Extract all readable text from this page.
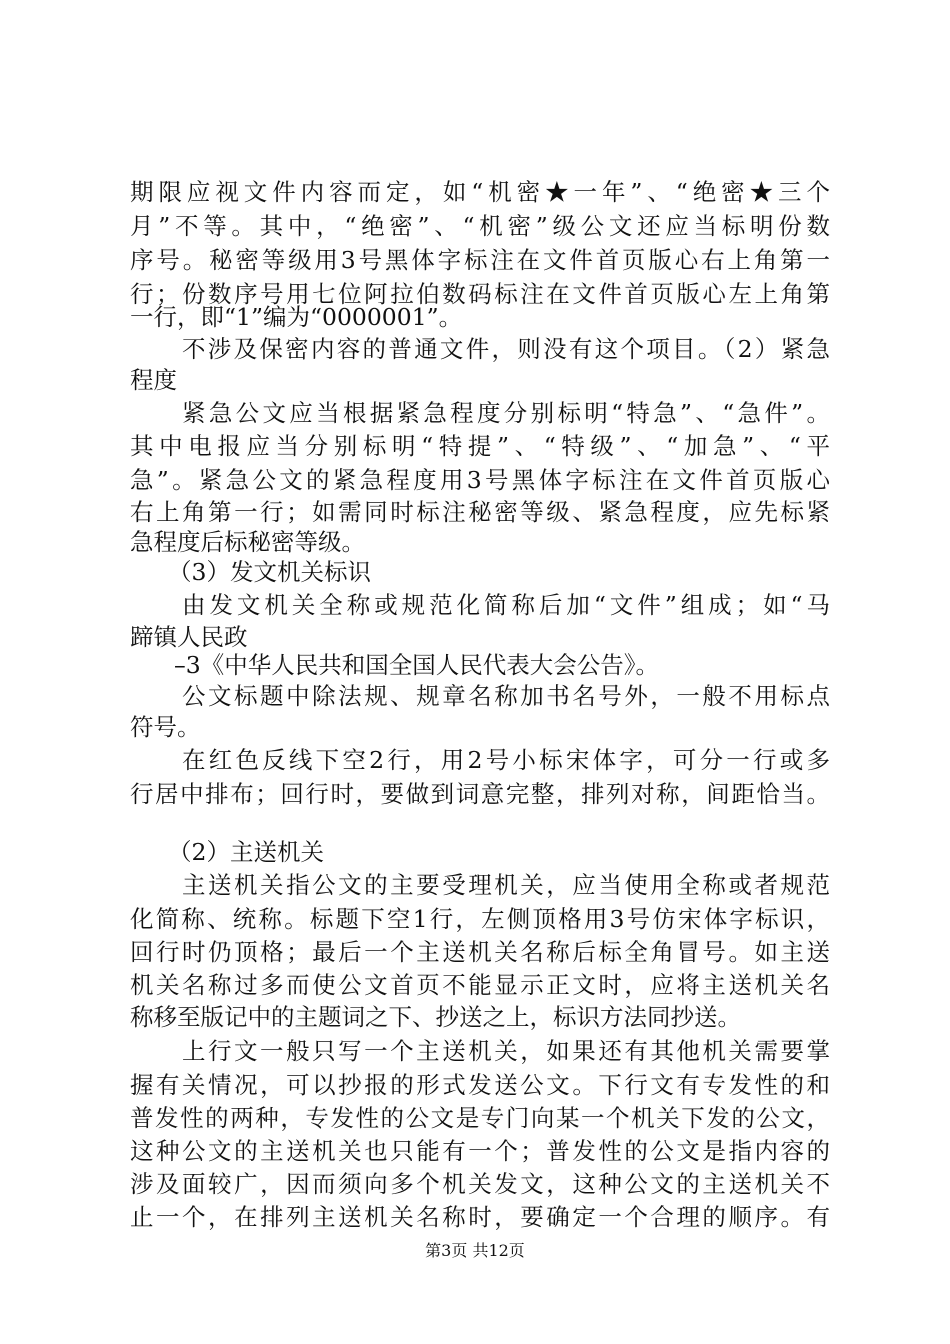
期限应视文件内容而定，如“机密★一年”、“绝密★三个
月”不等。其中，“绝密”、“机密”级公文还应当标明份数
序号。秘密等级用3号黑体字标注在文件首页版心右上角第一
行；份数序号用七位阿拉伯数码标注在文件首页版心左上角第
一行，即“1”编为“0000001”。
不涉及保密内容的普通文件，则没有这个项目。（2）紧急
程度
紧急公文应当根据紧急程度分别标明“特急”、“急件”。
其中电报应当分别标明“特提”、“特级”、“加急”、“平
急”。紧急公文的紧急程度用3号黑体字标注在文件首页版心
右上角第一行；如需同时标注秘密等级、紧急程度，应先标紧
急程度后标秘密等级。
（3）发文机关标识
由发文机关全称或规范化简称后加“文件”组成；如“马
蹄镇人民政
–3《中华人民共和国全国人民代表大会公告》。
公文标题中除法规、规章名称加书名号外，一般不用标点
符号。
在红色反线下空2行，用2号小标宋体字，可分一行或多
行居中排布；回行时，要做到词意完整，排列对称，间距恰当。
（2）主送机关
主送机关指公文的主要受理机关，应当使用全称或者规范
化简称、统称。标题下空1行，左侧顶格用3号仿宋体字标识，
回行时仍顶格；最后一个主送机关名称后标全角冒号。如主送
机关名称过多而使公文首页不能显示正文时，应将主送机关名
称移至版记中的主题词之下、抄送之上，标识方法同抄送。
上行文一般只写一个主送机关，如果还有其他机关需要掌
握有关情况，可以抄报的形式发送公文。下行文有专发性的和
普发性的两种，专发性的公文是专门向某一个机关下发的公文，
这种公文的主送机关也只能有一个；普发性的公文是指内容的
涉及面较广，因而须向多个机关发文，这种公文的主送机关不
止一个，在排列主送机关名称时，要确定一个合理的顺序。有
第3页 共12页
